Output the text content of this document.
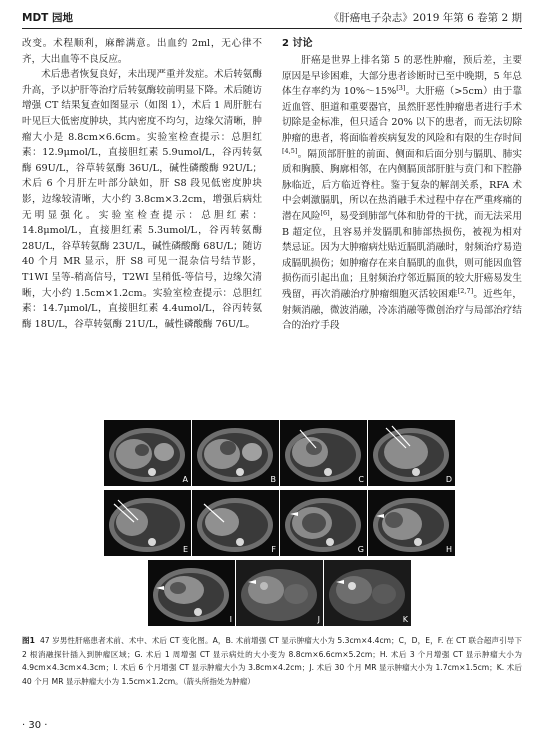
MDT 园地	《肝癌电子杂志》2019 年第 6 卷第 2 期

改变。术程顺利，麻醉满意。出血约 2ml，无心律不齐，大出血等不良反应。

术后患者恢复良好，未出现严重并发症。术后转氨酶升高，予以护肝等治疗后转氨酶较前明显下降。术后随访增强 CT 结果复查如图显示（如图 1），术后 1 周肝脏右叶见巨大低密度肿块，其内密度不均匀，边缘欠清晰，肿瘤大小是 8.8cm×6.6cm。实验室检查提示：总胆红素：12.9μmol/L，直接胆红素 5.9umol/L，谷丙转氨酶 69U/L，谷草转氨酶 36U/L，碱性磷酸酶 92U/L；术后 6 个月肝左叶部分缺如，肝 S8 段见低密度肿块影，边缘较清晰，大小约 3.8cm×3.2cm，增强后病灶无明显强化。实验室检查提示：总胆红素：14.8μmol/L，直接胆红素 5.3umol/L，谷丙转氨酶 28U/L，谷草转氨酶 23U/L，碱性磷酸酶 68U/L；随访 40 个月 MR 显示，肝 S8 可见一混杂信号结节影，T1WI 呈等-稍高信号，T2WI 呈稍低-等信号，边缘欠清晰，大小约 1.5cm×1.2cm。实验室检查提示：总胆红素：14.7μmol/L，直接胆红素 4.4umol/L，谷丙转氨酶 18U/L，谷草转氨酶 21U/L，碱性磷酸酶 76U/L。

2 讨论

肝癌是世界上排名第 5 的恶性肿瘤，预后差，主要原因是早诊困难，大部分患者诊断时已至中晚期，5 年总体生存率约为 10%～15%[3]。大肝癌（>5cm）由于靠近血管、胆道和重要器官，虽然肝恶性肿瘤患者进行手术切除是金标准，但只适合 20% 以下的患者，而无法切除肿瘤的患者，将面临着疾病复发的风险和有限的生存时间[4,5]。隔顶部肝脏的前面、侧面和后面分别与膈肌、肺实质和胸膜、胸廓相邻，在内侧膈顶部肝脏与贲门和下腔静脉临近，后方临近脊柱。鉴于复杂的解剖关系，RFA 术中会刺激膈肌，所以在热消融手术过程中存在严重疼痛的潜在风险[6]，易受到肺部气体和肋骨的干扰，而无法采用 B 超定位，且容易并发膈肌和肺部热损伤，被视为相对禁忌证。因为大肿瘤病灶贴近膈肌消融时，射频治疗易造成膈肌损伤；如肿瘤存在来自膈肌的血供，则可能因血管损伤而引起出血；且射频治疗邻近膈顶的较大肝癌易发生残留，再次消融治疗肿瘤细胞灭活较困难[2,7]。近些年，射频消融，微波消融，冷冻消融等微创治疗与局部治疗结合的治疗手段

A	B	C	D
E	F	G	H
I	J	K
图1 47 岁男性肝癌患者术前、术中、术后 CT 变化图。A，B. 术前增强 CT 显示肿瘤大小为 5.3cm×4.4cm；C，D，E，F. 在 CT 联合超声引导下 2 根消融探针插入到肿瘤区域；G. 术后 1 周增强 CT 显示病灶的大小变为 8.8cm×6.6cm×5.2cm；H. 术后 3 个月增强 CT 显示肿瘤大小为 4.9cm×4.3cm×4.3cm；I. 术后 6 个月增强 CT 显示肿瘤大小为 3.8cm×4.2cm；J. 术后 30 个月 MR 显示肿瘤大小为 1.7cm×1.5cm；K. 术后 40 个月 MR 显示肿瘤大小为 1.5cm×1.2cm。（箭头所指处为肿瘤）
· 30 ·
